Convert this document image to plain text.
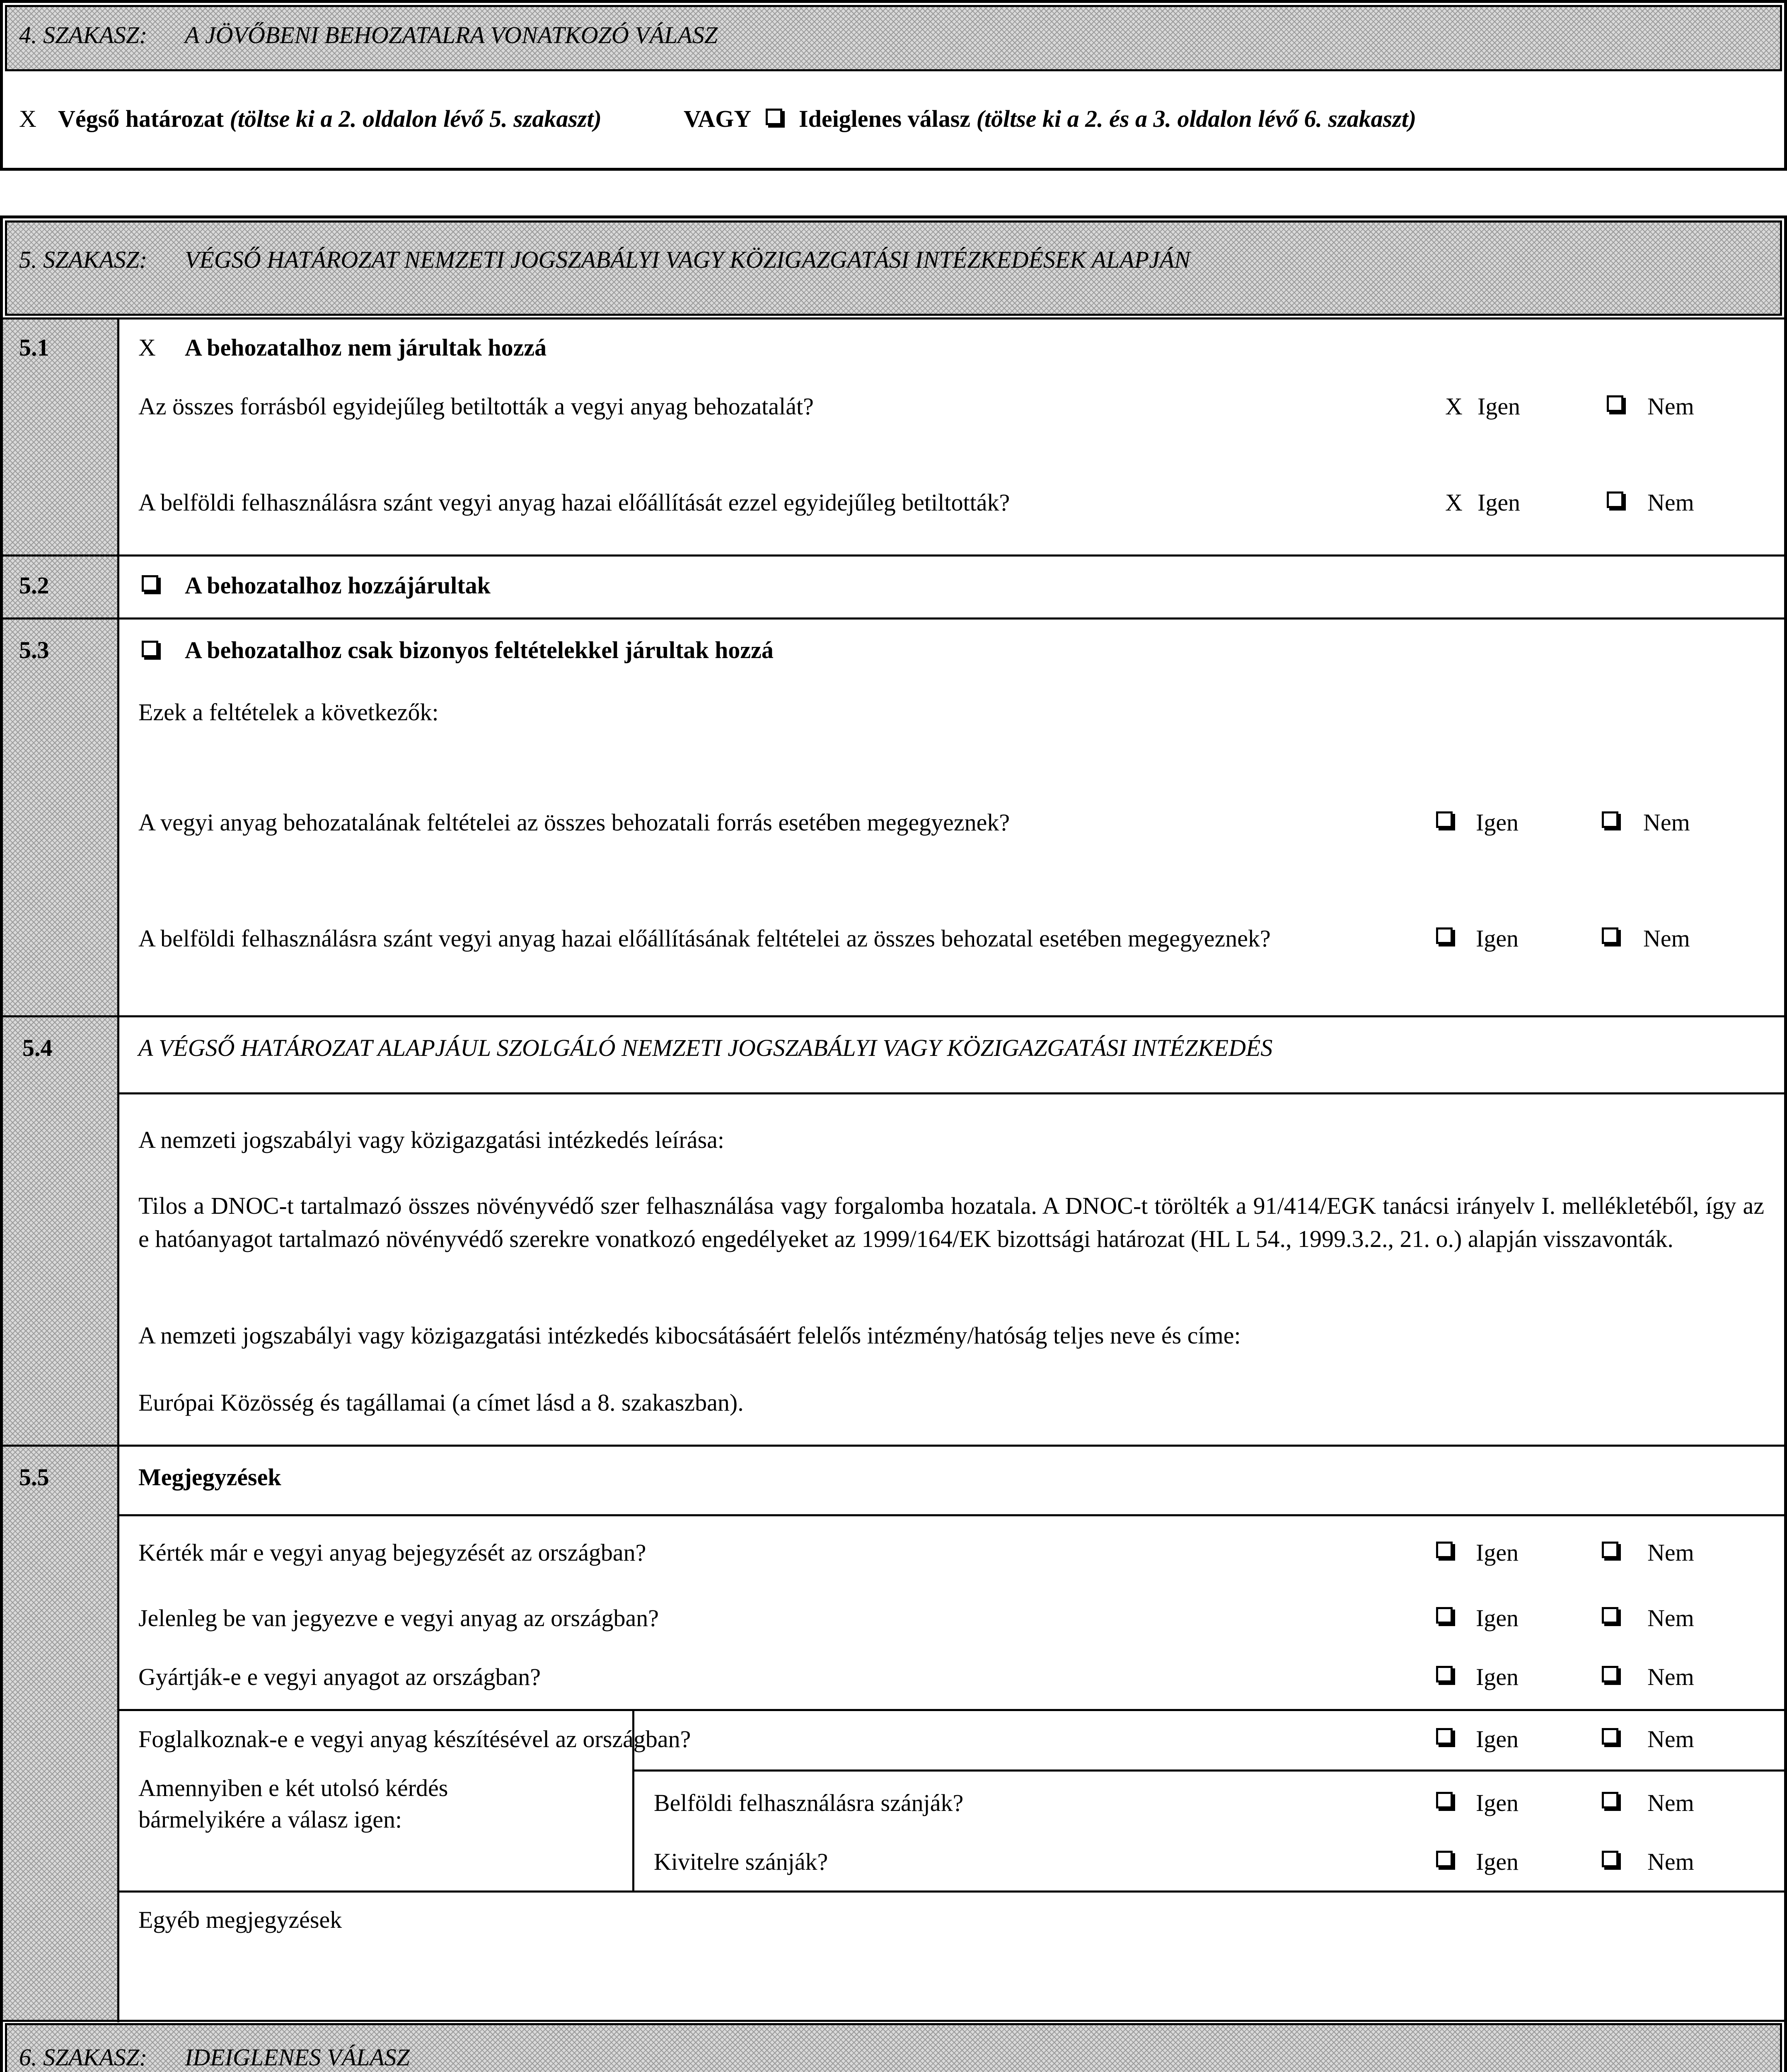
4. SZAKASZ: A JÖVŐBENI BEHOZATALRA VONATKOZÓ VÁLASZ
X Végső határozat (töltse ki a 2. oldalon lévő 5. szakaszt)	VAGY Ideiglenes válasz (töltse ki a 2. és a 3. oldalon lévő 6. szakaszt)
5. SZAKASZ: VÉGSŐ HATÁROZAT NEMZETI JOGSZABÁLYI VAGY KÖZIGAZGATÁSI INTÉZKEDÉSEK ALAPJÁN
5.1	X A behozatalhoz nem járultak hozzá
Az összes forrásból egyidejűleg betiltották a vegyi anyag behozatalát?	X Igen	Nem
A belföldi felhasználásra szánt vegyi anyag hazai előállítását ezzel egyidejűleg betiltották?	X Igen	Nem
5.2	A behozatalhoz hozzájárultak
5.3	A behozatalhoz csak bizonyos feltételekkel járultak hozzá
Ezek a feltételek a következők:
A vegyi anyag behozatalának feltételei az összes behozatali forrás esetében megegyeznek?	Igen	Nem
A belföldi felhasználásra szánt vegyi anyag hazai előállításának feltételei az összes behozatal esetében megegyeznek?	Igen	Nem
5.4	A VÉGSŐ HATÁROZAT ALAPJÁUL SZOLGÁLÓ NEMZETI JOGSZABÁLYI VAGY KÖZIGAZGATÁSI INTÉZKEDÉS
A nemzeti jogszabályi vagy közigazgatási intézkedés leírása:
Tilos a DNOC-t tartalmazó összes növényvédő szer felhasználása vagy forgalomba hozatala. A DNOC-t törölték a 91/414/EGK tanácsi irányelv I. mellékletéből, így az e hatóanyagot tartalmazó növényvédő szerekre vonatkozó engedélyeket az 1999/164/EK bizottsági határozat (HL L 54., 1999.3.2., 21. o.) alapján visszavonták.
A nemzeti jogszabályi vagy közigazgatási intézkedés kibocsátásáért felelős intézmény/hatóság teljes neve és címe:
Európai Közösség és tagállamai (a címet lásd a 8. szakaszban).
5.5	Megjegyzések
Kérték már e vegyi anyag bejegyzését az országban?	Igen	Nem
Jelenleg be van jegyezve e vegyi anyag az országban?	Igen	Nem
Gyártják-e e vegyi anyagot az országban?	Igen	Nem
Foglalkoznak-e e vegyi anyag készítésével az országban?	Igen	Nem
Amennyiben e két utolsó kérdés
bármelyikére a válasz igen:
Belföldi felhasználásra szánják?	Igen	Nem
Kivitelre szánják?	Igen	Nem
Egyéb megjegyzések
6. SZAKASZ: IDEIGLENES VÁLASZ
